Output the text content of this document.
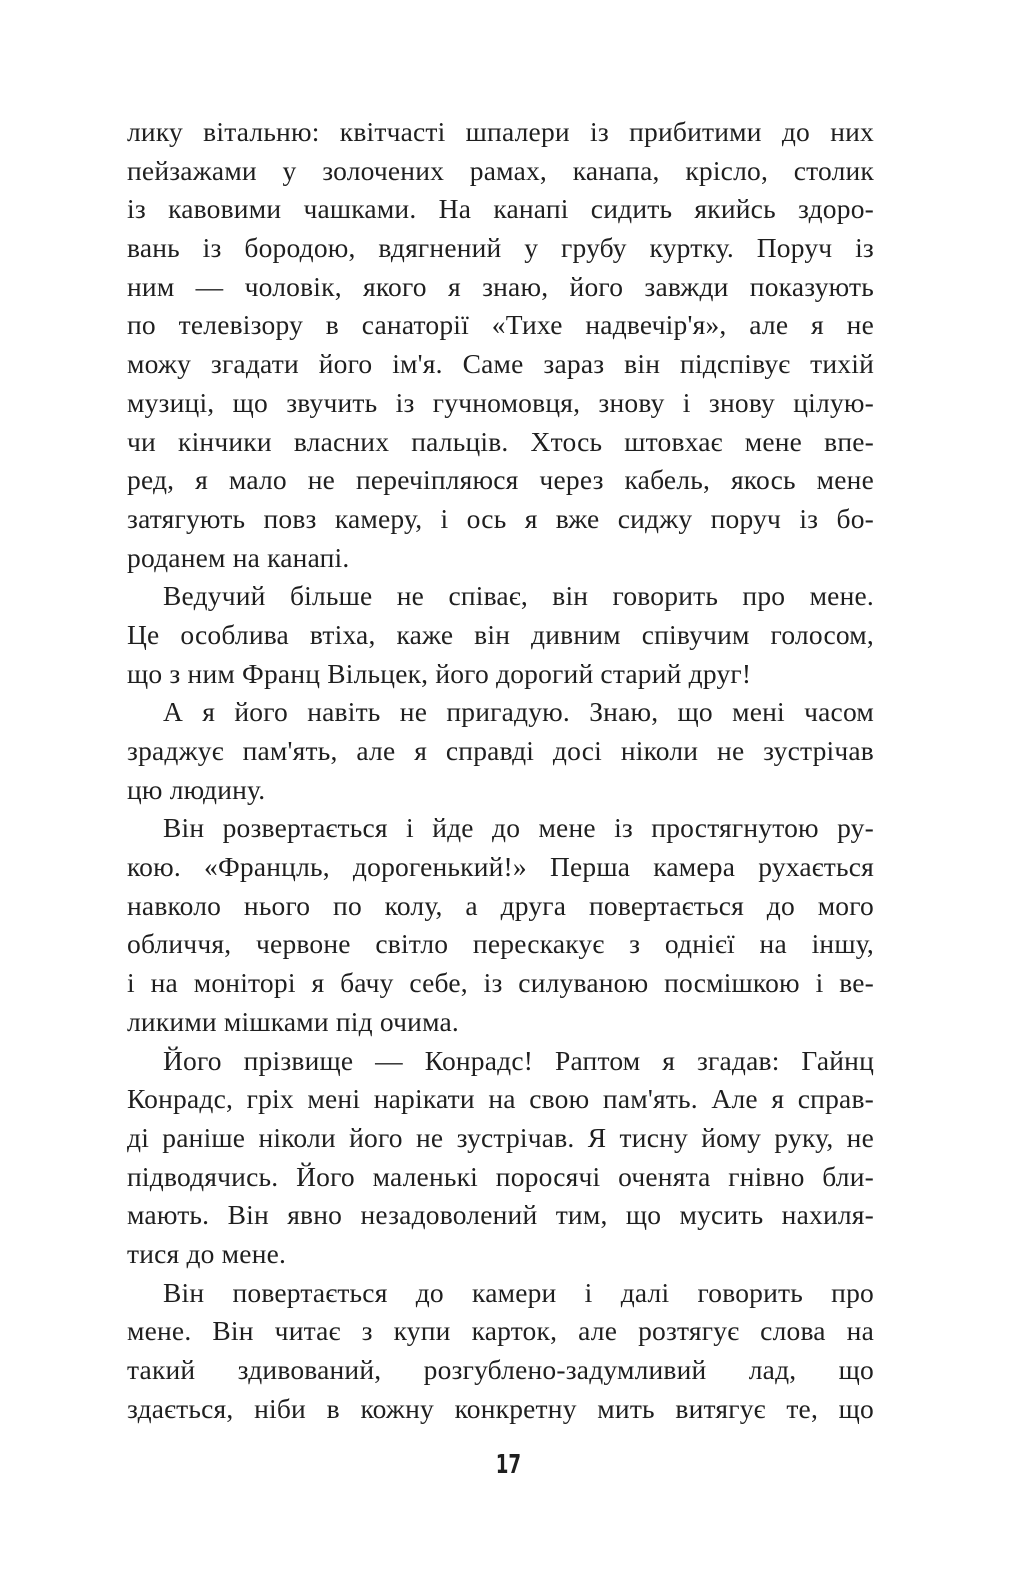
лику вітальню: квітчасті шпалери із прибитими до них
пейзажами у золочених рамах, канапа, крісло, столик
із кавовими чашками. На канапі сидить якийсь здоро-
вань із бородою, вдягнений у грубу куртку. Поруч із
ним — чоловік, якого я знаю, його завжди показують
по телевізору в санаторії «Тихе надвечір'я», але я не
можу згадати його ім'я. Саме зараз він підспівує тихій
музиці, що звучить із гучномовця, знову і знову цілую-
чи кінчики власних пальців. Хтось штовхає мене впе-
ред, я мало не перечіпляюся через кабель, якось мене
затягують повз камеру, і ось я вже сиджу поруч із бо-
роданем на канапі.
Ведучий більше не співає, він говорить про мене.
Це особлива втіха, каже він дивним співучим голосом,
що з ним Франц Вільцек, його дорогий старий друг!
А я його навіть не пригадую. Знаю, що мені часом
зраджує пам'ять, але я справді досі ніколи не зустрічав
цю людину.
Він розвертається і йде до мене із простягнутою ру-
кою. «Францль, дорогенький!» Перша камера рухається
навколо нього по колу, а друга повертається до мого
обличчя, червоне світло перескакує з однієї на іншу,
і на моніторі я бачу себе, із силуваною посмішкою і ве-
ликими мішками під очима.
Його прізвище — Конрадс! Раптом я згадав: Гайнц
Конрадс, гріх мені нарікати на свою пам'ять. Але я справ-
ді раніше ніколи його не зустрічав. Я тисну йому руку, не
підводячись. Його маленькі поросячі оченята гнівно бли-
мають. Він явно незадоволений тим, що мусить нахиля-
тися до мене.
Він повертається до камери і далі говорить про
мене. Він читає з купи карток, але розтягує слова на
такий здивований, розгублено-задумливий лад, що
здається, ніби в кожну конкретну мить витягує те, що
17
